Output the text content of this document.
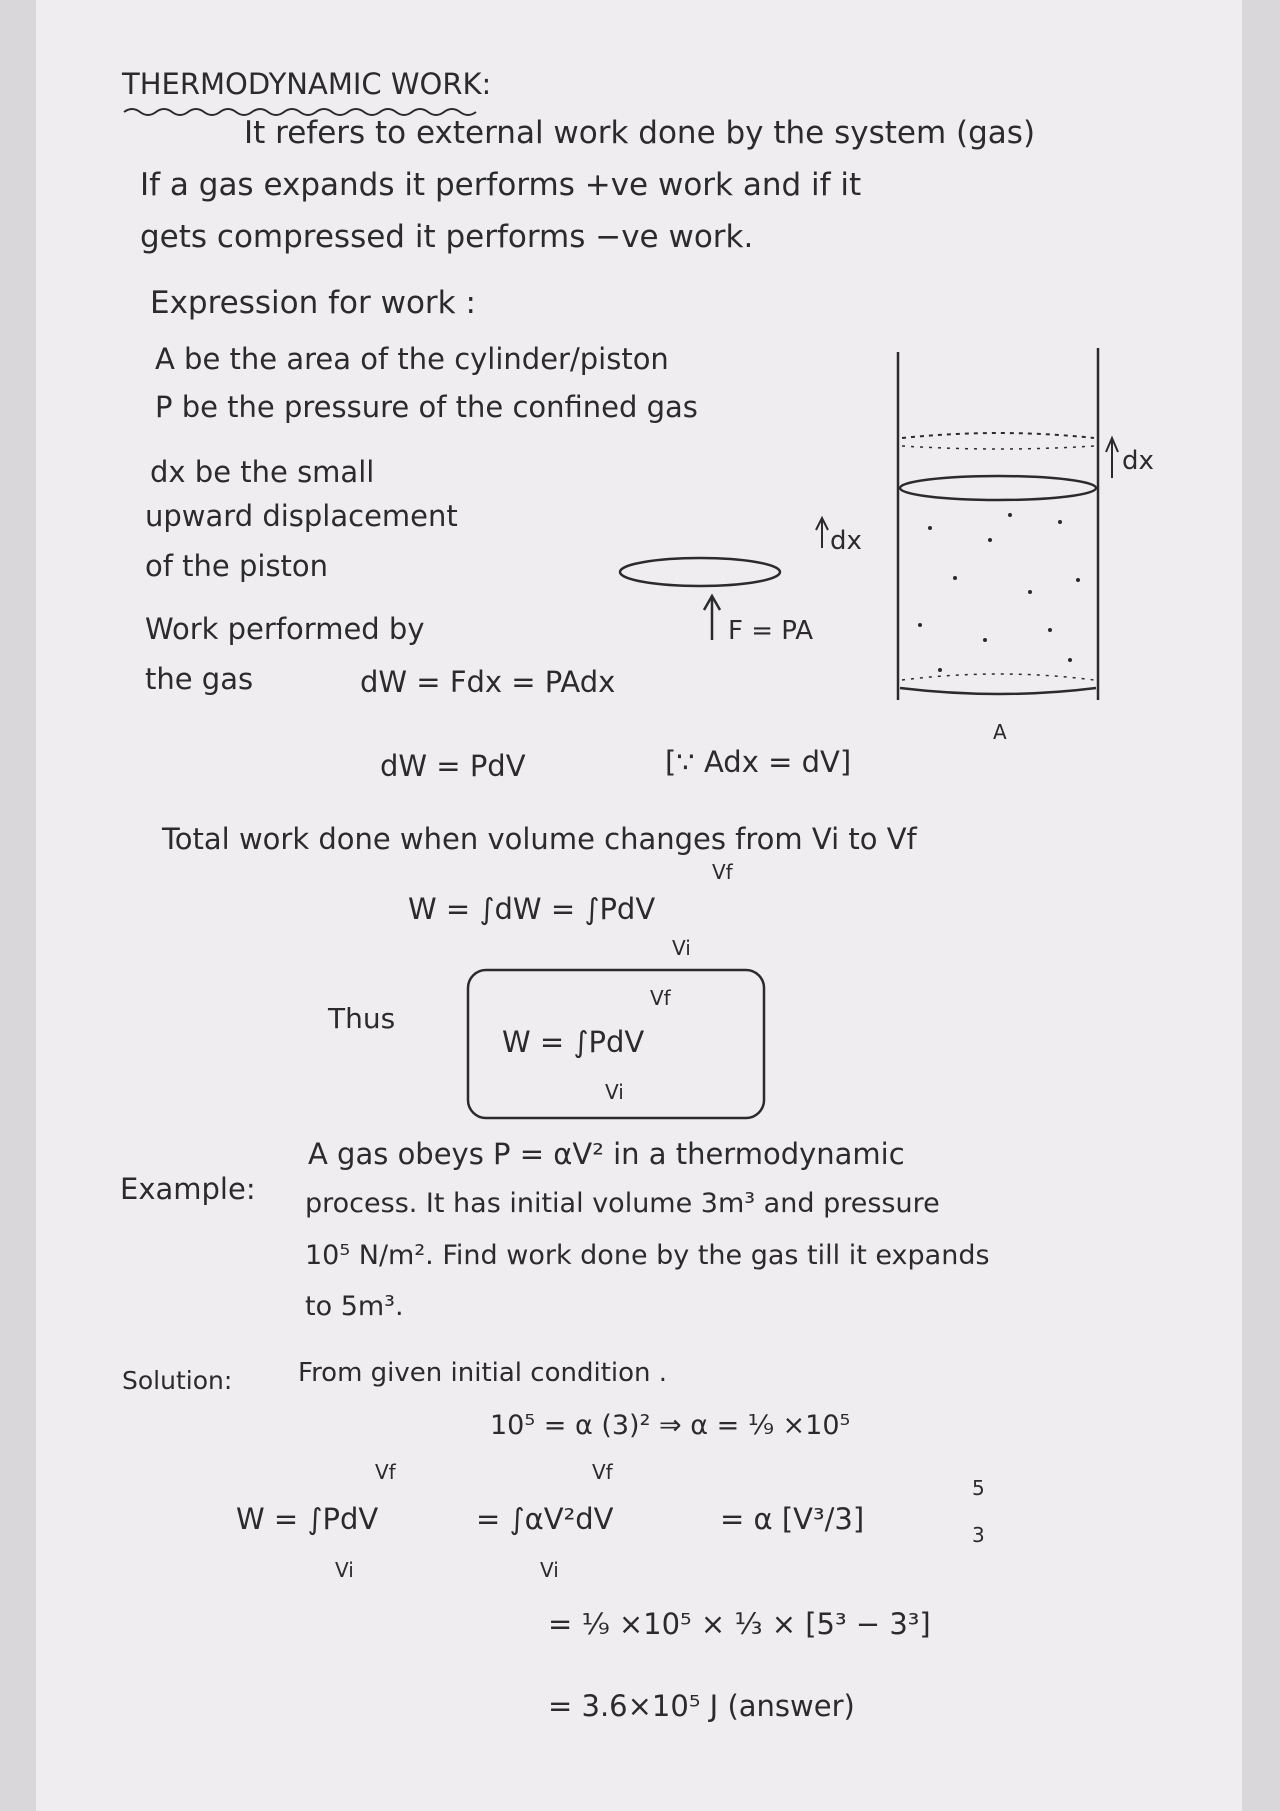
THERMODYNAMIC WORK:
It refers to external work done by the system (gas)
If a gas expands it performs +ve work and if it
gets compressed it performs −ve work.
Expression for work :
A be the area of the cylinder/piston
P be the pressure of the confined gas
dx be the small
upward displacement
of the piston
Work performed by
the gas	dW = Fdx = PAdx
dW = PdV	[∵ Adx = dV]
dx
F = PA
dx
A
Total work done when volume changes from Vi to Vf
W = ∫dW = ∫PdV
Vf
Vi
Thus
W = ∫PdV
Vf
Vi
Example:
A gas obeys P = αV² in a thermodynamic
process. It has initial volume 3m³ and pressure
10⁵ N/m². Find work done by the gas till it expands
to 5m³.
Solution:	From given initial condition .
10⁵ = α (3)² ⇒ α = ¹⁄₉ ×10⁵
W = ∫PdV
Vf
Vi
= ∫αV²dV
Vf
Vi
= α [V³/3]
5
3
= ¹⁄₉ ×10⁵ × ⅓ × [5³ − 3³]
= 3.6×10⁵ J (answer)
